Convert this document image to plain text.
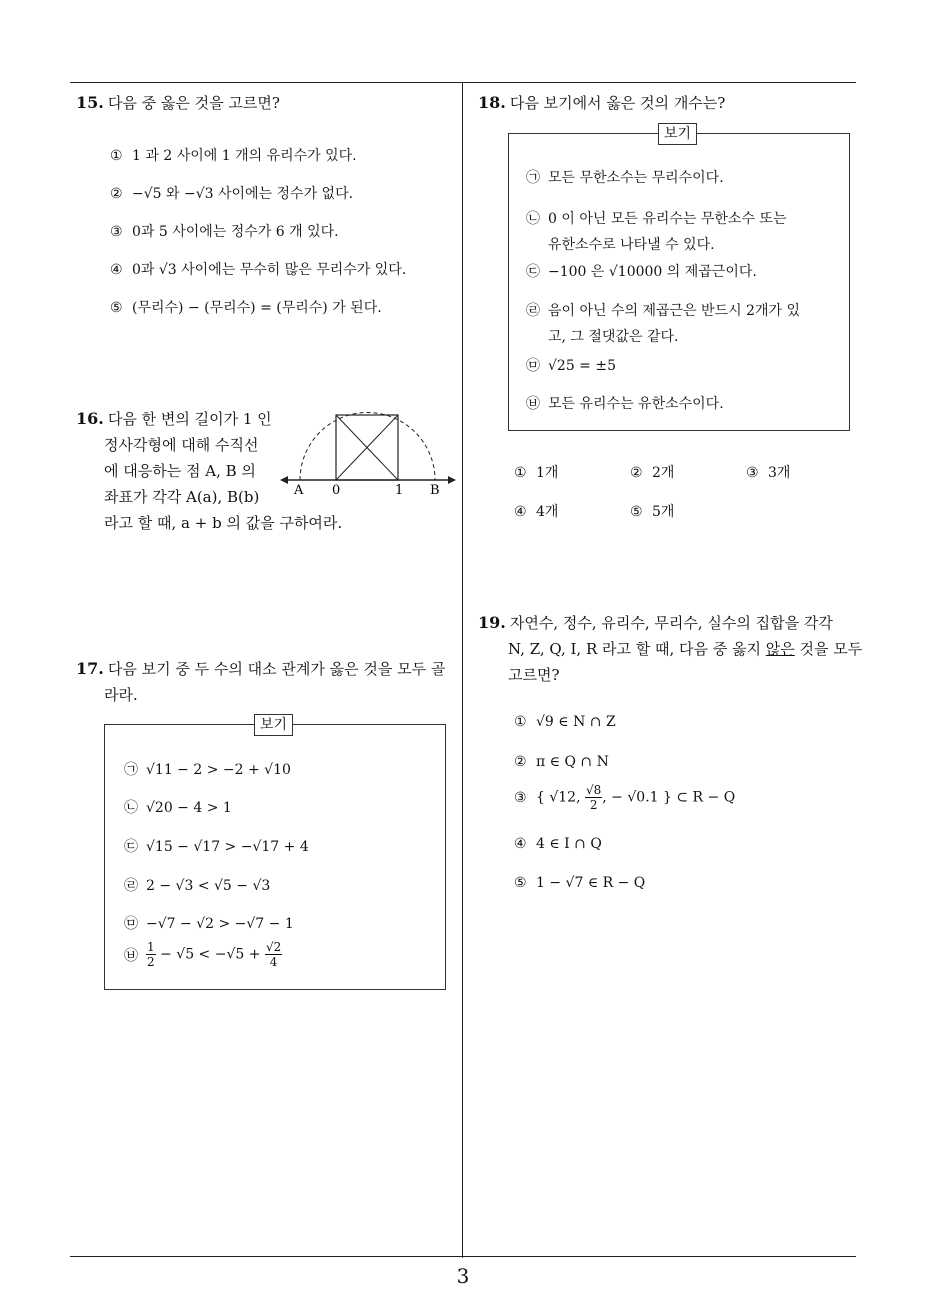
15. 다음 중 옳은 것을 고르면?
① 1 과 2 사이에 1 개의 유리수가 있다.
② −√5 와 −√3 사이에는 정수가 없다.
③ 0과 5 사이에는 정수가 6 개 있다.
④ 0과 √3 사이에는 무수히 많은 무리수가 있다.
⑤ (무리수) − (무리수) = (무리수) 가 된다.
16. 다음 한 변의 길이가 1 인
정사각형에 대해 수직선
에 대응하는 점 A, B 의
좌표가 각각 A(a), B(b)
라고 할 때, a + b 의 값을 구하여라.
A 0	1 B
17. 다음 보기 중 두 수의 대소 관계가 옳은 것을 모두 골
라라.
보기
㉠ √11 − 2 > −2 + √10
㉡ √20 − 4 > 1
㉢ √15 − √17 > −√17 + 4
㉣ 2 − √3 < √5 − √3
㉤ −√7 − √2 > −√7 − 1
㉥ $\frac{1}{2} - √5 < -√5 + \frac{√2}{4}$
18. 다음 보기에서 옳은 것의 개수는?
보기
㉠ 모든 무한소수는 무리수이다.
㉡ 0 이 아닌 모든 유리수는 무한소수 또는
유한소수로 나타낼 수 있다.
㉢ −100 은 √10000 의 제곱근이다.
㉣ 음이 아닌 수의 제곱근은 반드시 2개가 있
고, 그 절댓값은 같다.
㉤ √25 = ±5
㉥ 모든 유리수는 유한소수이다.
① 1개	② 2개	③ 3개
④ 4개	⑤ 5개
19. 자연수, 정수, 유리수, 무리수, 실수의 집합을 각각
N, Z, Q, I, R 라고 할 때, 다음 중 옳지 않은 것을 모두
고르면?
① √9 ∈ N ∩ Z
② π ∈ Q ∩ N
③ { √12, $\frac{√8}{2}$ , − √0.1 } ⊂ R − Q
④ 4 ∈ I ∩ Q
⑤ 1 − √7 ∈ R − Q
3
